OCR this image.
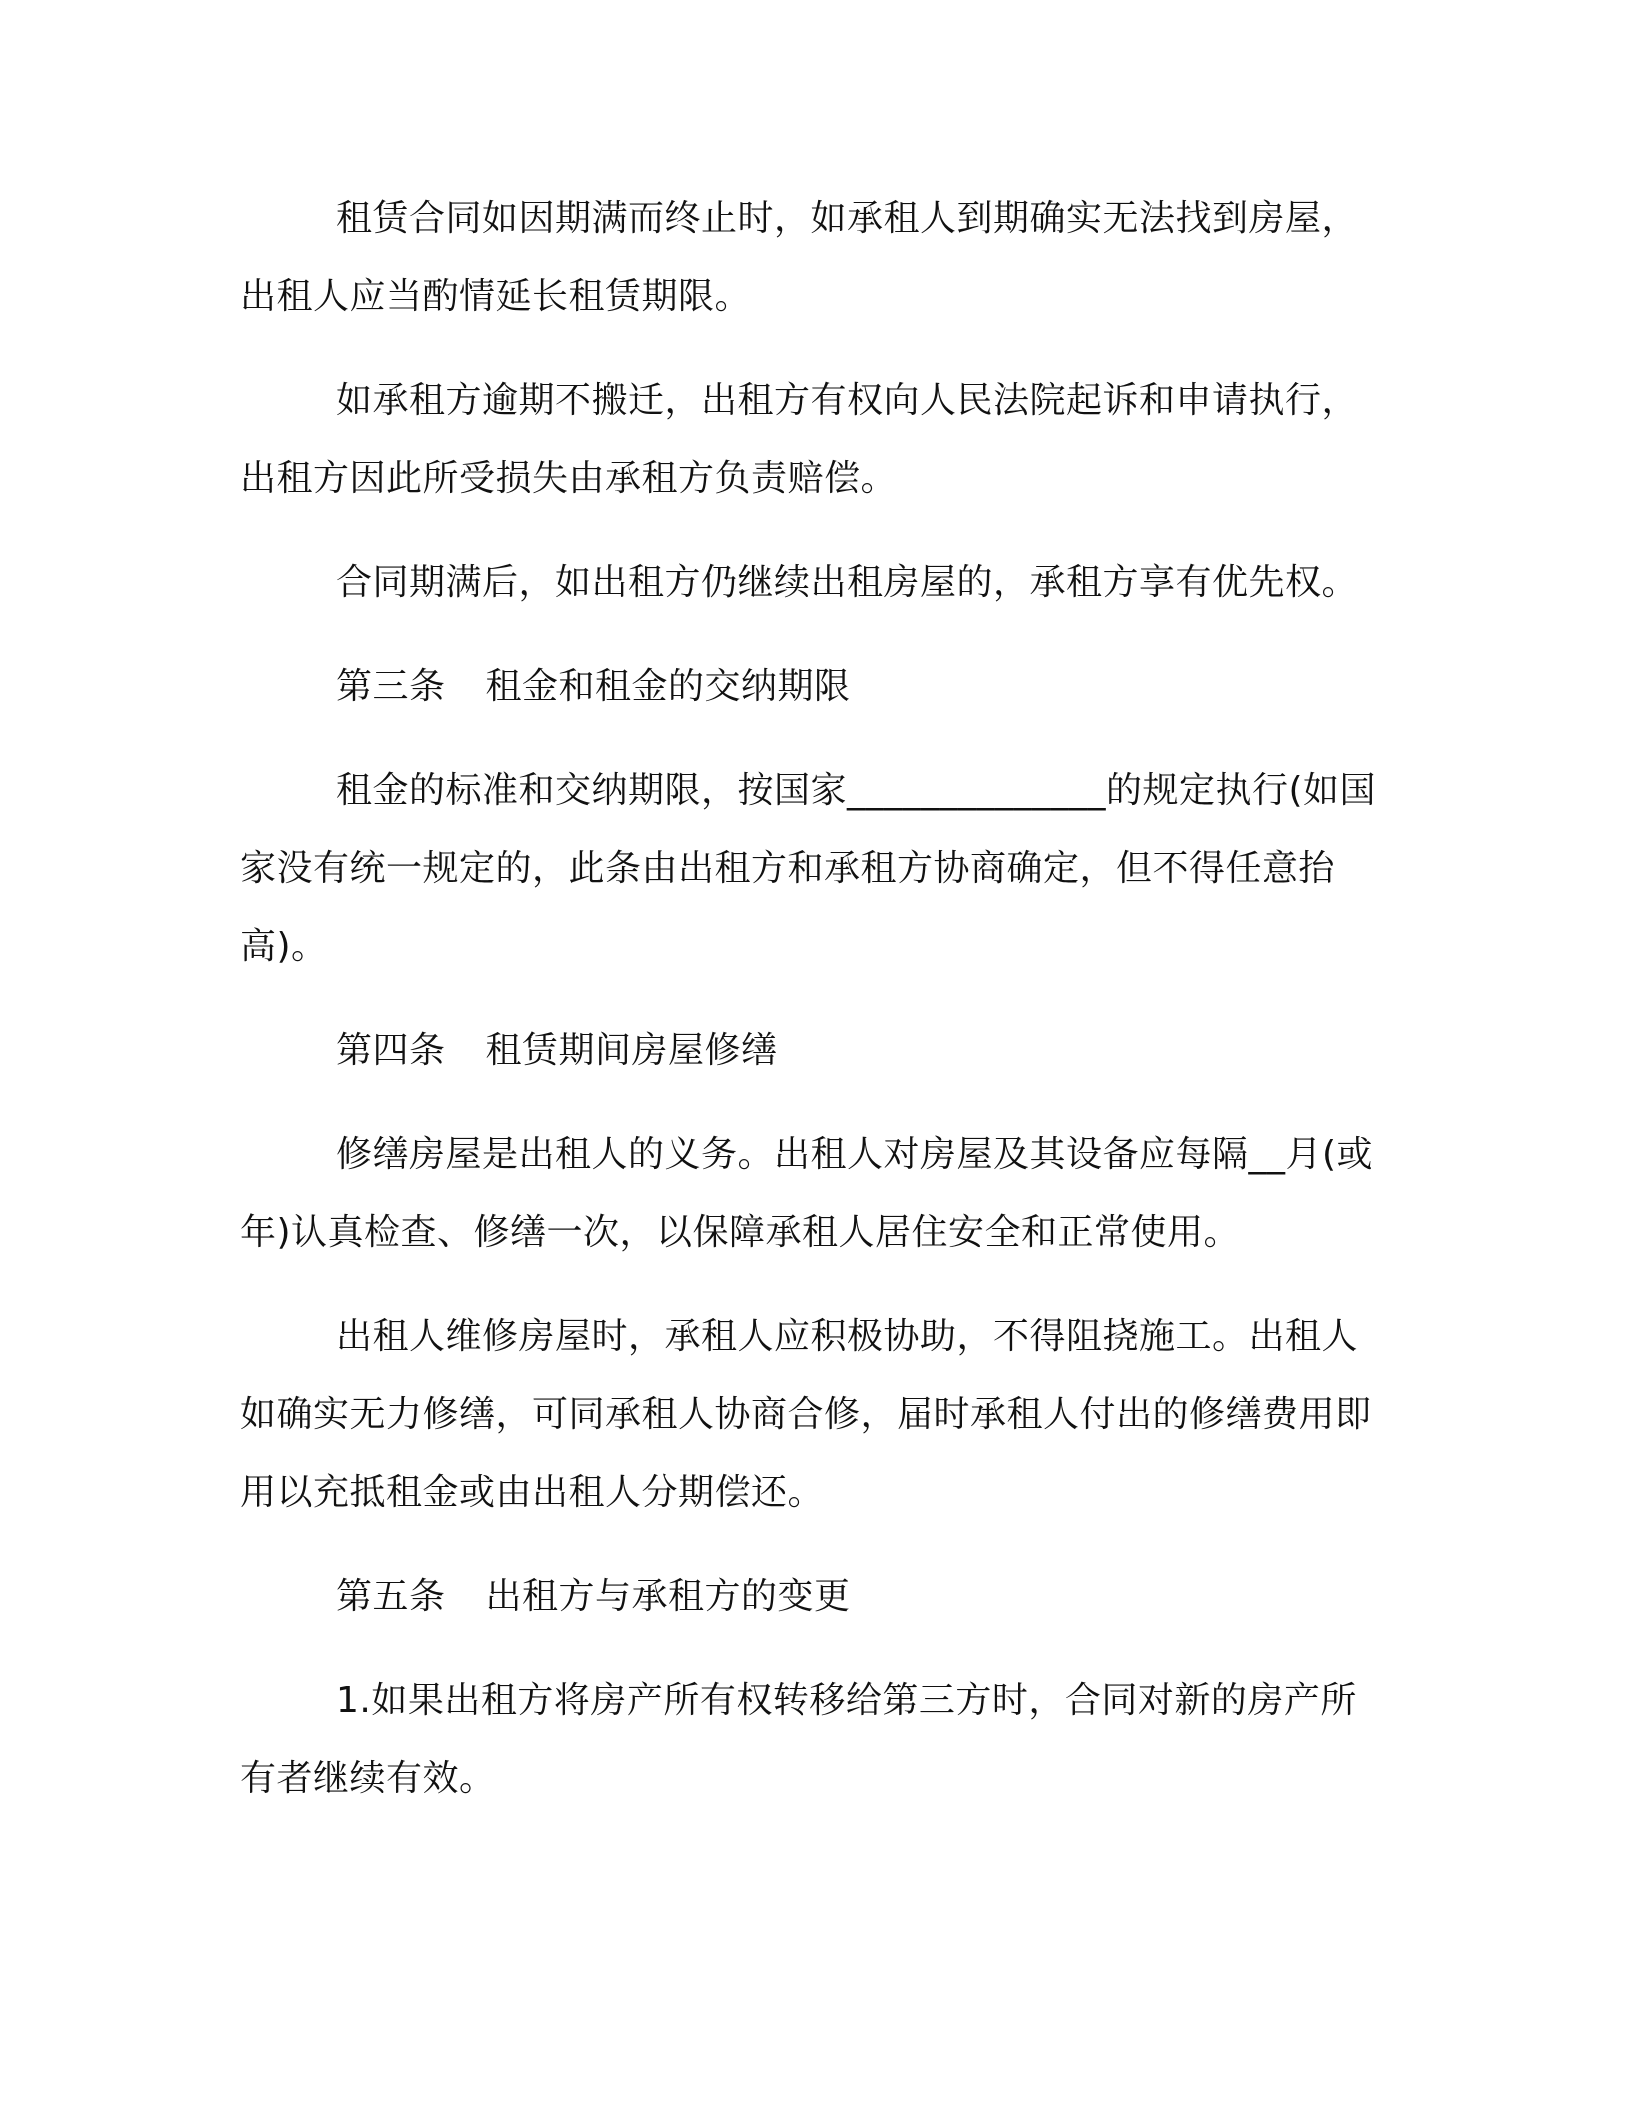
租赁合同如因期满而终止时，如承租人到期确实无法找到房屋，出租人应当酌情延长租赁期限。

如承租方逾期不搬迁，出租方有权向人民法院起诉和申请执行，出租方因此所受损失由承租方负责赔偿。

合同期满后，如出租方仍继续出租房屋的，承租方享有优先权。

第三条 租金和租金的交纳期限

租金的标准和交纳期限，按国家______________的规定执行(如国家没有统一规定的，此条由出租方和承租方协商确定，但不得任意抬高)。

第四条 租赁期间房屋修缮

修缮房屋是出租人的义务。出租人对房屋及其设备应每隔__月(或年)认真检查、修缮一次，以保障承租人居住安全和正常使用。

出租人维修房屋时，承租人应积极协助，不得阻挠施工。出租人如确实无力修缮，可同承租人协商合修，届时承租人付出的修缮费用即用以充抵租金或由出租人分期偿还。

第五条 出租方与承租方的变更

1.如果出租方将房产所有权转移给第三方时，合同对新的房产所有者继续有效。
